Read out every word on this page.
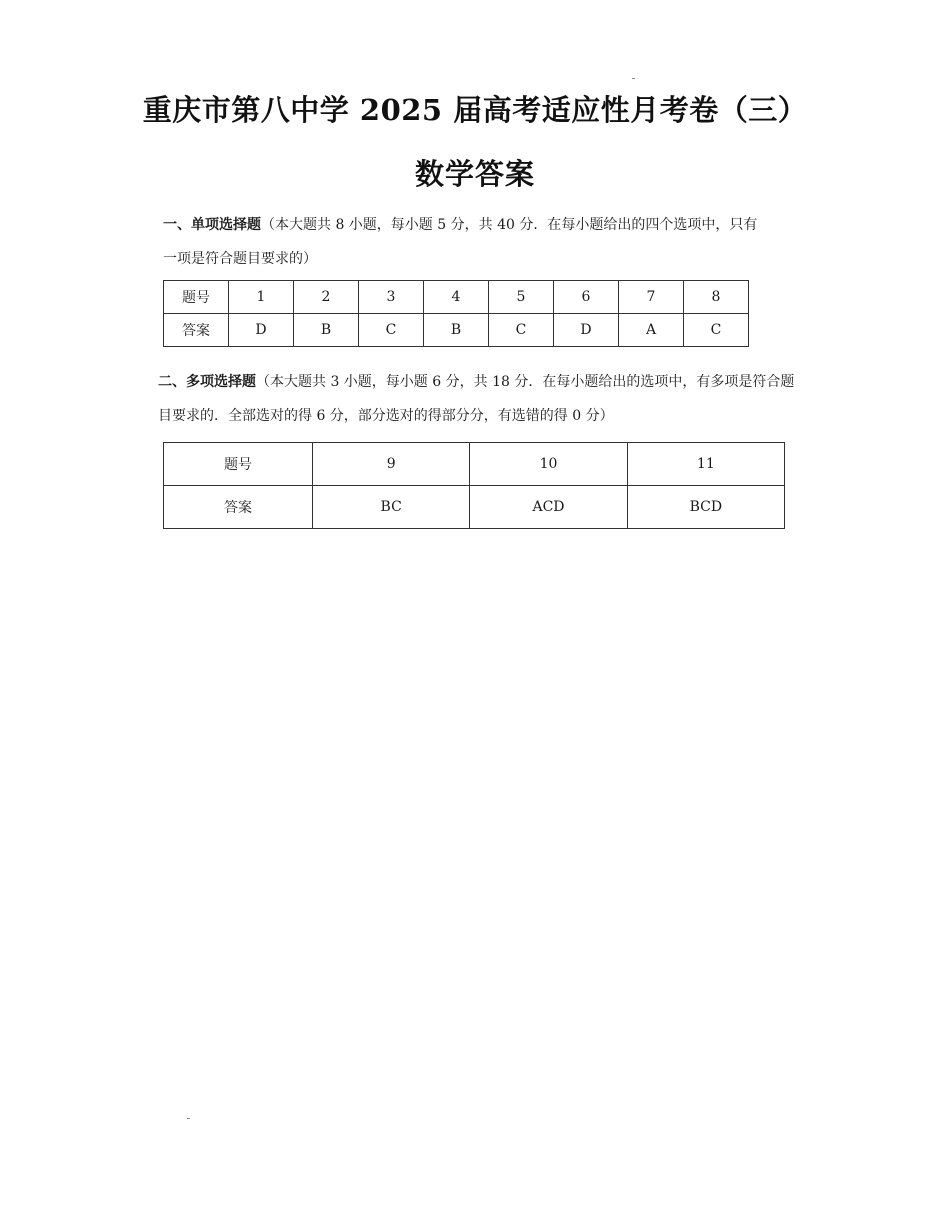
重庆市第八中学 2025 届高考适应性月考卷（三）
数学答案
一、单项选择题（本大题共 8 小题，每小题 5 分，共 40 分．在每小题给出的四个选项中，只有一项是符合题目要求的）
题号	1	2	3	4	5	6	7	8
答案	D	B	C	B	C	D	A	C
二、多项选择题（本大题共 3 小题，每小题 6 分，共 18 分．在每小题给出的选项中，有多项是符合题目要求的．全部选对的得 6 分，部分选对的得部分分，有选错的得 0 分）
题号	9	10	11
答案	BC	ACD	BCD
